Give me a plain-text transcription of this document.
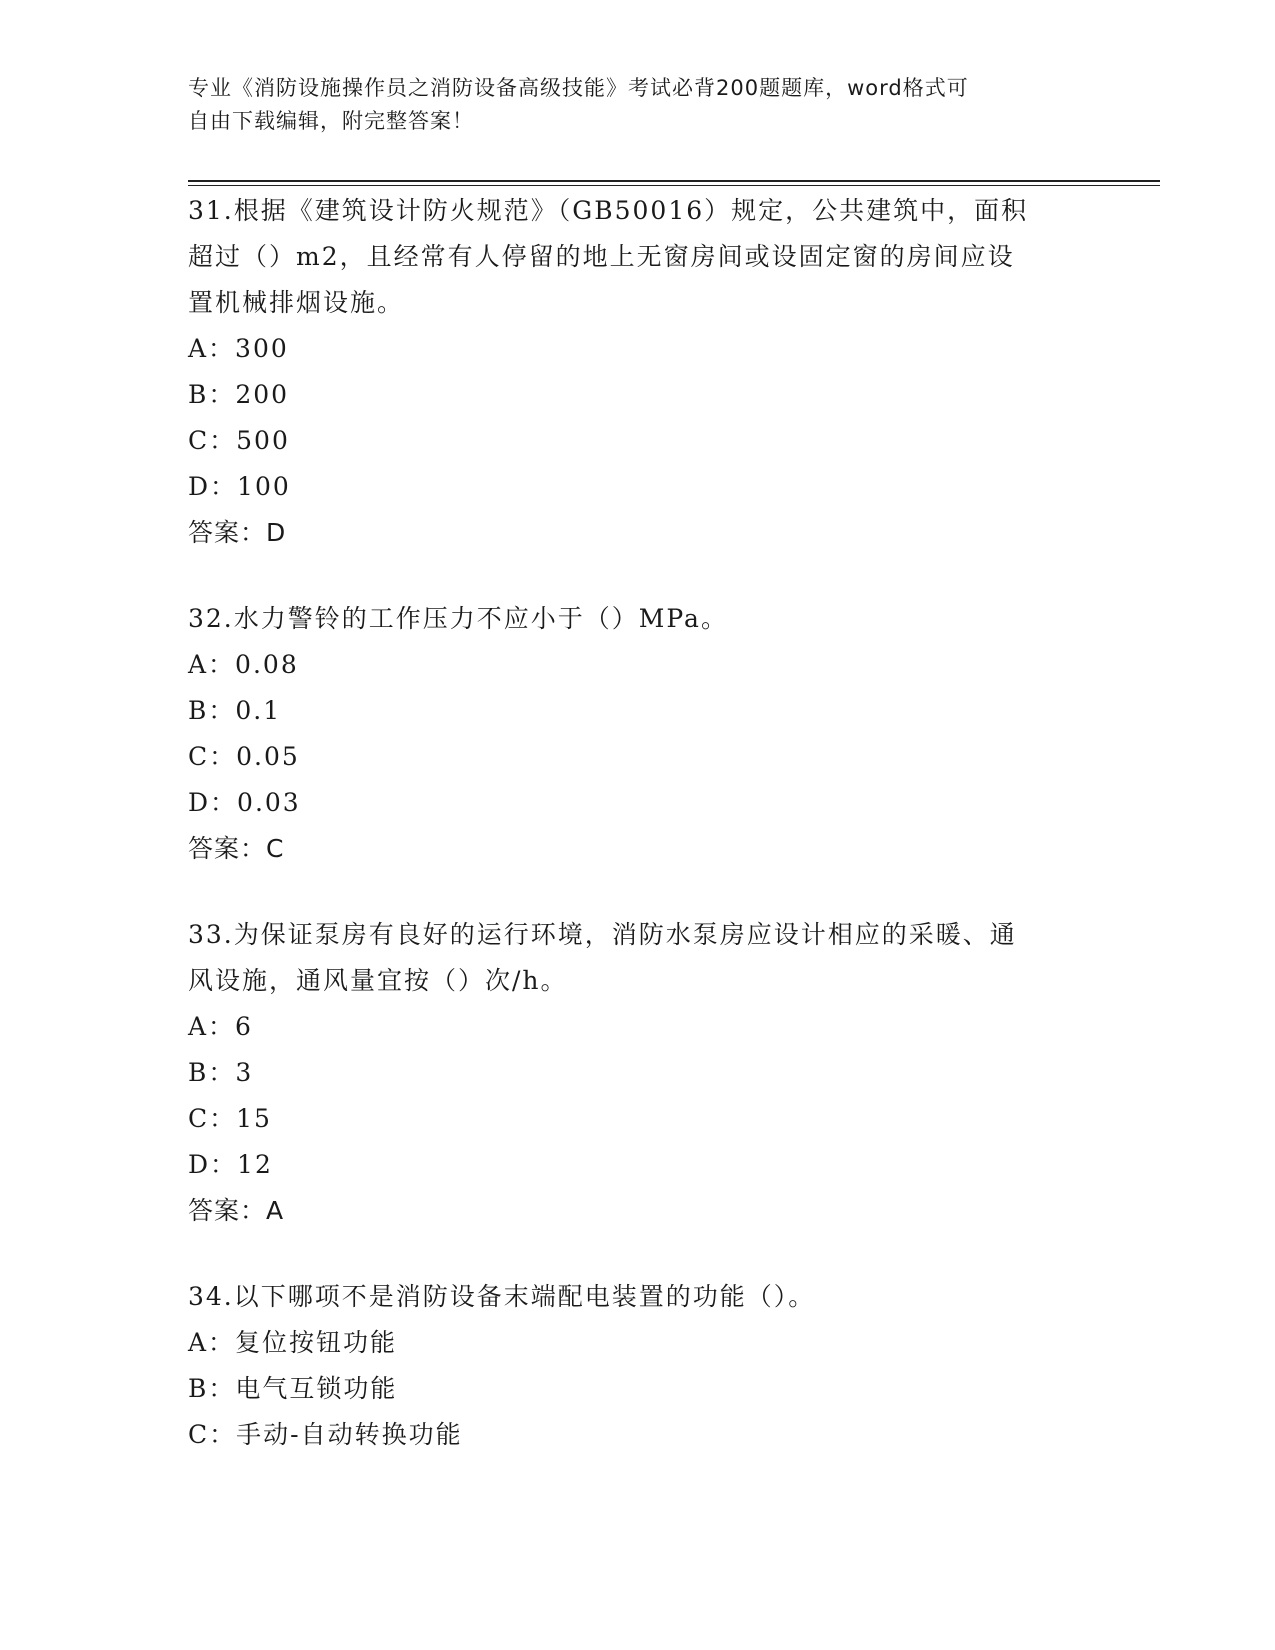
专业《消防设施操作员之消防设备高级技能》考试必背200题题库，word格式可
自由下载编辑，附完整答案！
31.根据《建筑设计防火规范》（GB50016）规定，公共建筑中，面积
超过（）m2，且经常有人停留的地上无窗房间或设固定窗的房间应设
置机械排烟设施。
A：300
B：200
C：500
D：100
答案：D
32.水力警铃的工作压力不应小于（）MPa。
A：0.08
B：0.1
C：0.05
D：0.03
答案：C
33.为保证泵房有良好的运行环境，消防水泵房应设计相应的采暖、通
风设施，通风量宜按（）次/h。
A：6
B：3
C：15
D：12
答案：A
34.以下哪项不是消防设备末端配电装置的功能（）。
A：复位按钮功能
B：电气互锁功能
C：手动-自动转换功能
